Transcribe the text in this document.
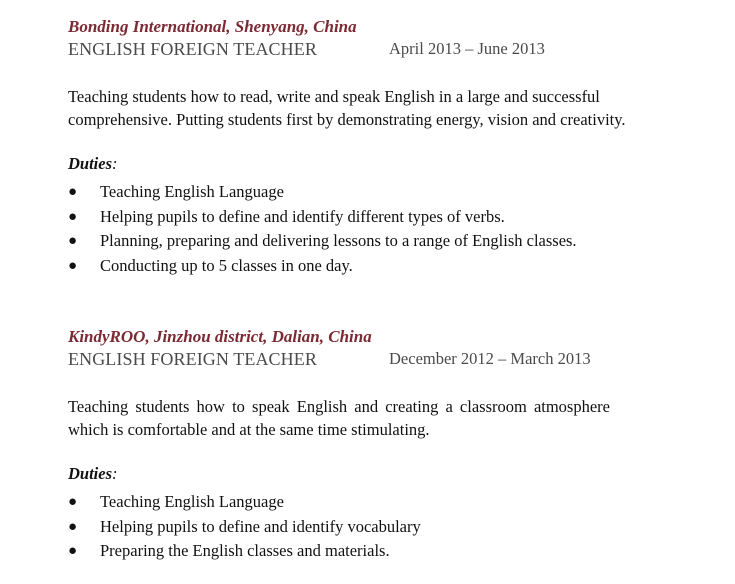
Bonding International, Shenyang, China
ENGLISH FOREIGN TEACHER	April 2013 – June 2013

Teaching students how to read, write and speak English in a large and successful comprehensive. Putting students first by demonstrating energy, vision and creativity.

Duties:
● Teaching English Language
● Helping pupils to define and identify different types of verbs.
● Planning, preparing and delivering lessons to a range of English classes.
● Conducting up to 5 classes in one day.
KindyROO, Jinzhou district, Dalian, China
ENGLISH FOREIGN TEACHER	December 2012 – March 2013

Teaching students how to speak English and creating a classroom atmosphere which is comfortable and at the same time stimulating.

Duties:
● Teaching English Language
● Helping pupils to define and identify vocabulary
● Preparing the English classes and materials.
